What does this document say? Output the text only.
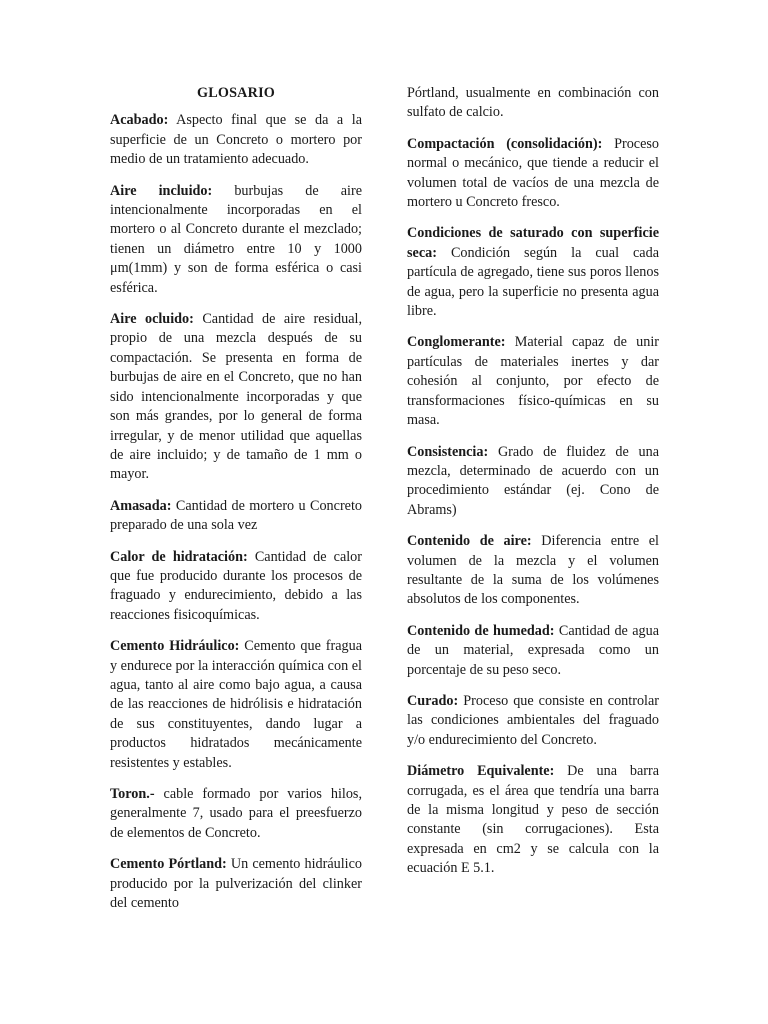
GLOSARIO

Acabado: Aspecto final que se da a la superficie de un Concreto o mortero por medio de un tratamiento adecuado.

Aire incluido: burbujas de aire intencionalmente incorporadas en el mortero o al Concreto durante el mezclado; tienen un diámetro entre 10 y 1000 μm(1mm) y son de forma esférica o casi esférica.

Aire ocluido: Cantidad de aire residual, propio de una mezcla después de su compactación. Se presenta en forma de burbujas de aire en el Concreto, que no han sido intencionalmente incorporadas y que son más grandes, por lo general de forma irregular, y de menor utilidad que aquellas de aire incluido; y de tamaño de 1 mm o mayor.

Amasada: Cantidad de mortero u Concreto preparado de una sola vez

Calor de hidratación: Cantidad de calor que fue producido durante los procesos de fraguado y endurecimiento, debido a las reacciones fisicoquímicas.

Cemento Hidráulico: Cemento que fragua y endurece por la interacción química con el agua, tanto al aire como bajo agua, a causa de las reacciones de hidrólisis e hidratación de sus constituyentes, dando lugar a productos hidratados mecánicamente resistentes y estables.

Toron.- cable formado por varios hilos, generalmente 7, usado para el preesfuerzo de elementos de Concreto.

Cemento Pórtland: Un cemento hidráulico producido por la pulverización del clinker del cemento

Pórtland, usualmente en combinación con sulfato de calcio.

Compactación (consolidación): Proceso normal o mecánico, que tiende a reducir el volumen total de vacíos de una mezcla de mortero u Concreto fresco.

Condiciones de saturado con superficie seca: Condición según la cual cada partícula de agregado, tiene sus poros llenos de agua, pero la superficie no presenta agua libre.

Conglomerante: Material capaz de unir partículas de materiales inertes y dar cohesión al conjunto, por efecto de transformaciones físico-químicas en su masa.

Consistencia: Grado de fluidez de una mezcla, determinado de acuerdo con un procedimiento estándar (ej. Cono de Abrams)

Contenido de aire: Diferencia entre el volumen de la mezcla y el volumen resultante de la suma de los volúmenes absolutos de los componentes.

Contenido de humedad: Cantidad de agua de un material, expresada como un porcentaje de su peso seco.

Curado: Proceso que consiste en controlar las condiciones ambientales del fraguado y/o endurecimiento del Concreto.

Diámetro Equivalente: De una barra corrugada, es el área que tendría una barra de la misma longitud y peso de sección constante (sin corrugaciones). Esta expresada en cm2 y se calcula con la ecuación E 5.1.
